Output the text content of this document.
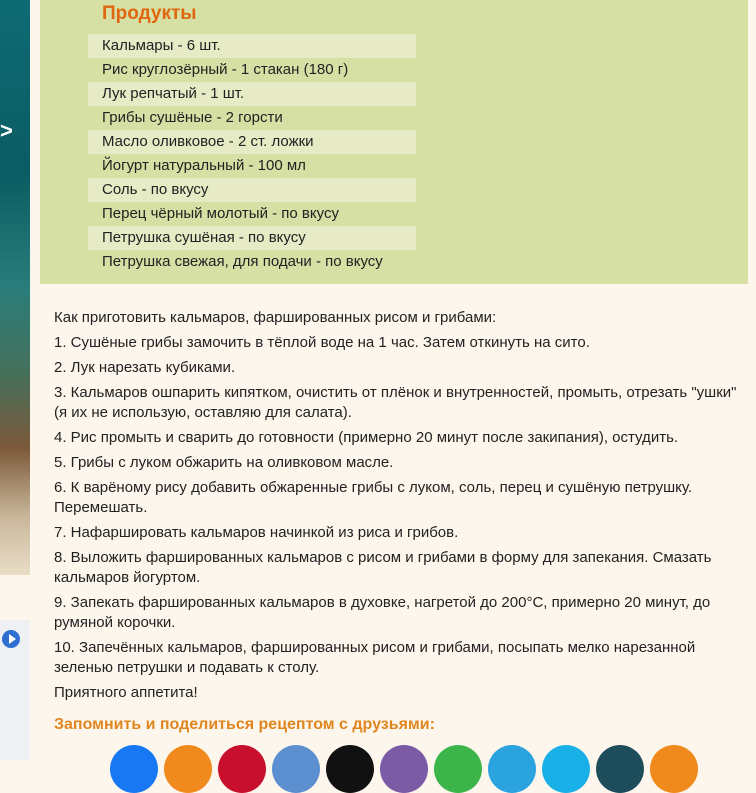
>
Продукты
Кальмары - 6 шт.
Рис круглозёрный - 1 стакан (180 г)
Лук репчатый - 1 шт.
Грибы сушёные - 2 горсти
Масло оливковое - 2 ст. ложки
Йогурт натуральный - 100 мл
Соль - по вкусу
Перец чёрный молотый - по вкусу
Петрушка сушёная - по вкусу
Петрушка свежая, для подачи - по вкусу

Как приготовить кальмаров, фаршированных рисом и грибами:

1. Сушёные грибы замочить в тёплой воде на 1 час. Затем откинуть на сито.

2. Лук нарезать кубиками.

3. Кальмаров ошпарить кипятком, очистить от плёнок и внутренностей, промыть, отрезать "ушки" (я их не использую, оставляю для салата).

4. Рис промыть и сварить до готовности (примерно 20 минут после закипания), остудить.

5. Грибы с луком обжарить на оливковом масле.

6. К варёному рису добавить обжаренные грибы с луком, соль, перец и сушёную петрушку. Перемешать.

7. Нафаршировать кальмаров начинкой из риса и грибов.

8. Выложить фаршированных кальмаров с рисом и грибами в форму для запекания. Смазать кальмаров йогуртом.

9. Запекать фаршированных кальмаров в духовке, нагретой до 200°С, примерно 20 минут, до румяной корочки.

10. Запечённых кальмаров, фаршированных рисом и грибами, посыпать мелко нарезанной зеленью петрушки и подавать к столу.

Приятного аппетита!

Запомнить и поделиться рецептом с друзьями:
